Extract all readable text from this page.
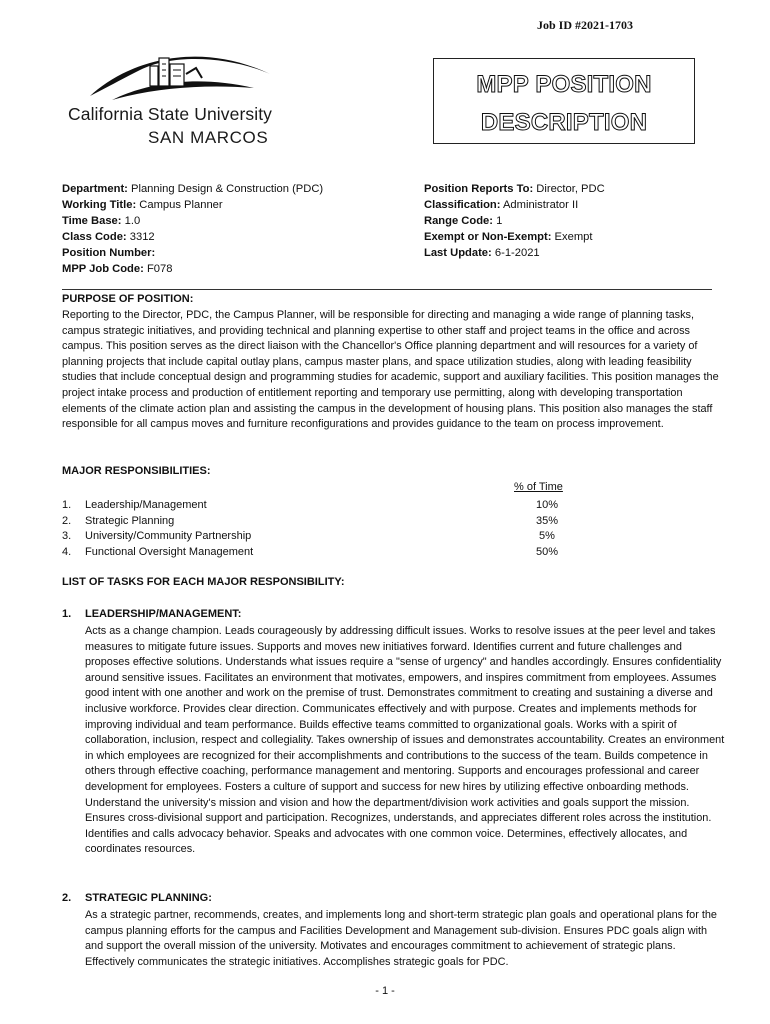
Job ID #2021-1703
California State University
SAN MARCOS
MPP POSITION
DESCRIPTION
Department: Planning Design & Construction (PDC)
Working Title: Campus Planner
Time Base: 1.0
Class Code: 3312
Position Number:
MPP Job Code: F078
Position Reports To: Director, PDC
Classification: Administrator II
Range Code: 1
Exempt or Non-Exempt: Exempt
Last Update: 6-1-2021
PURPOSE OF POSITION:
Reporting to the Director, PDC, the Campus Planner, will be responsible for directing and managing a wide range of planning tasks, campus strategic initiatives, and providing technical and planning expertise to other staff and project teams in the office and across campus. This position serves as the direct liaison with the Chancellor's Office planning department and will resources for a variety of planning projects that include capital outlay plans, campus master plans, and space utilization studies, along with leading feasibility studies that include conceptual design and programming studies for academic, support and auxiliary facilities. This position manages the project intake process and production of entitlement reporting and temporary use permitting, along with developing transportation elements of the climate action plan and assisting the campus in the development of housing plans. This position also manages the staff responsible for all campus moves and furniture reconfigurations and provides guidance to the team on process improvement.
MAJOR RESPONSIBILITIES:
% of Time
1. Leadership/Management	10%
2. Strategic Planning	35%
3. University/Community Partnership	5%
4. Functional Oversight Management	50%
LIST OF TASKS FOR EACH MAJOR RESPONSIBILITY:
1. LEADERSHIP/MANAGEMENT:
Acts as a change champion. Leads courageously by addressing difficult issues. Works to resolve issues at the peer level and takes measures to mitigate future issues. Supports and moves new initiatives forward. Identifies current and future challenges and proposes effective solutions. Understands what issues require a "sense of urgency" and handles accordingly. Ensures confidentiality around sensitive issues. Facilitates an environment that motivates, empowers, and inspires commitment from employees. Assumes good intent with one another and work on the premise of trust. Demonstrates commitment to creating and sustaining a diverse and inclusive workforce. Provides clear direction. Communicates effectively and with purpose. Creates and implements methods for improving individual and team performance. Builds effective teams committed to organizational goals. Works with a spirit of collaboration, inclusion, respect and collegiality. Takes ownership of issues and demonstrates accountability. Creates an environment in which employees are recognized for their accomplishments and contributions to the success of the team. Builds competence in others through effective coaching, performance management and mentoring. Supports and encourages professional and career development for employees. Fosters a culture of support and success for new hires by utilizing effective onboarding methods. Understand the university's mission and vision and how the department/division work activities and goals support the mission. Ensures cross-divisional support and participation. Recognizes, understands, and appreciates different roles across the institution. Identifies and calls advocacy behavior. Speaks and advocates with one common voice. Determines, effectively allocates, and coordinates resources.
2. STRATEGIC PLANNING:
As a strategic partner, recommends, creates, and implements long and short-term strategic plan goals and operational plans for the campus planning efforts for the campus and Facilities Development and Management sub-division. Ensures PDC goals align with and support the overall mission of the university. Motivates and encourages commitment to achievement of strategic plans. Effectively communicates the strategic initiatives. Accomplishes strategic goals for PDC.
- 1 -
